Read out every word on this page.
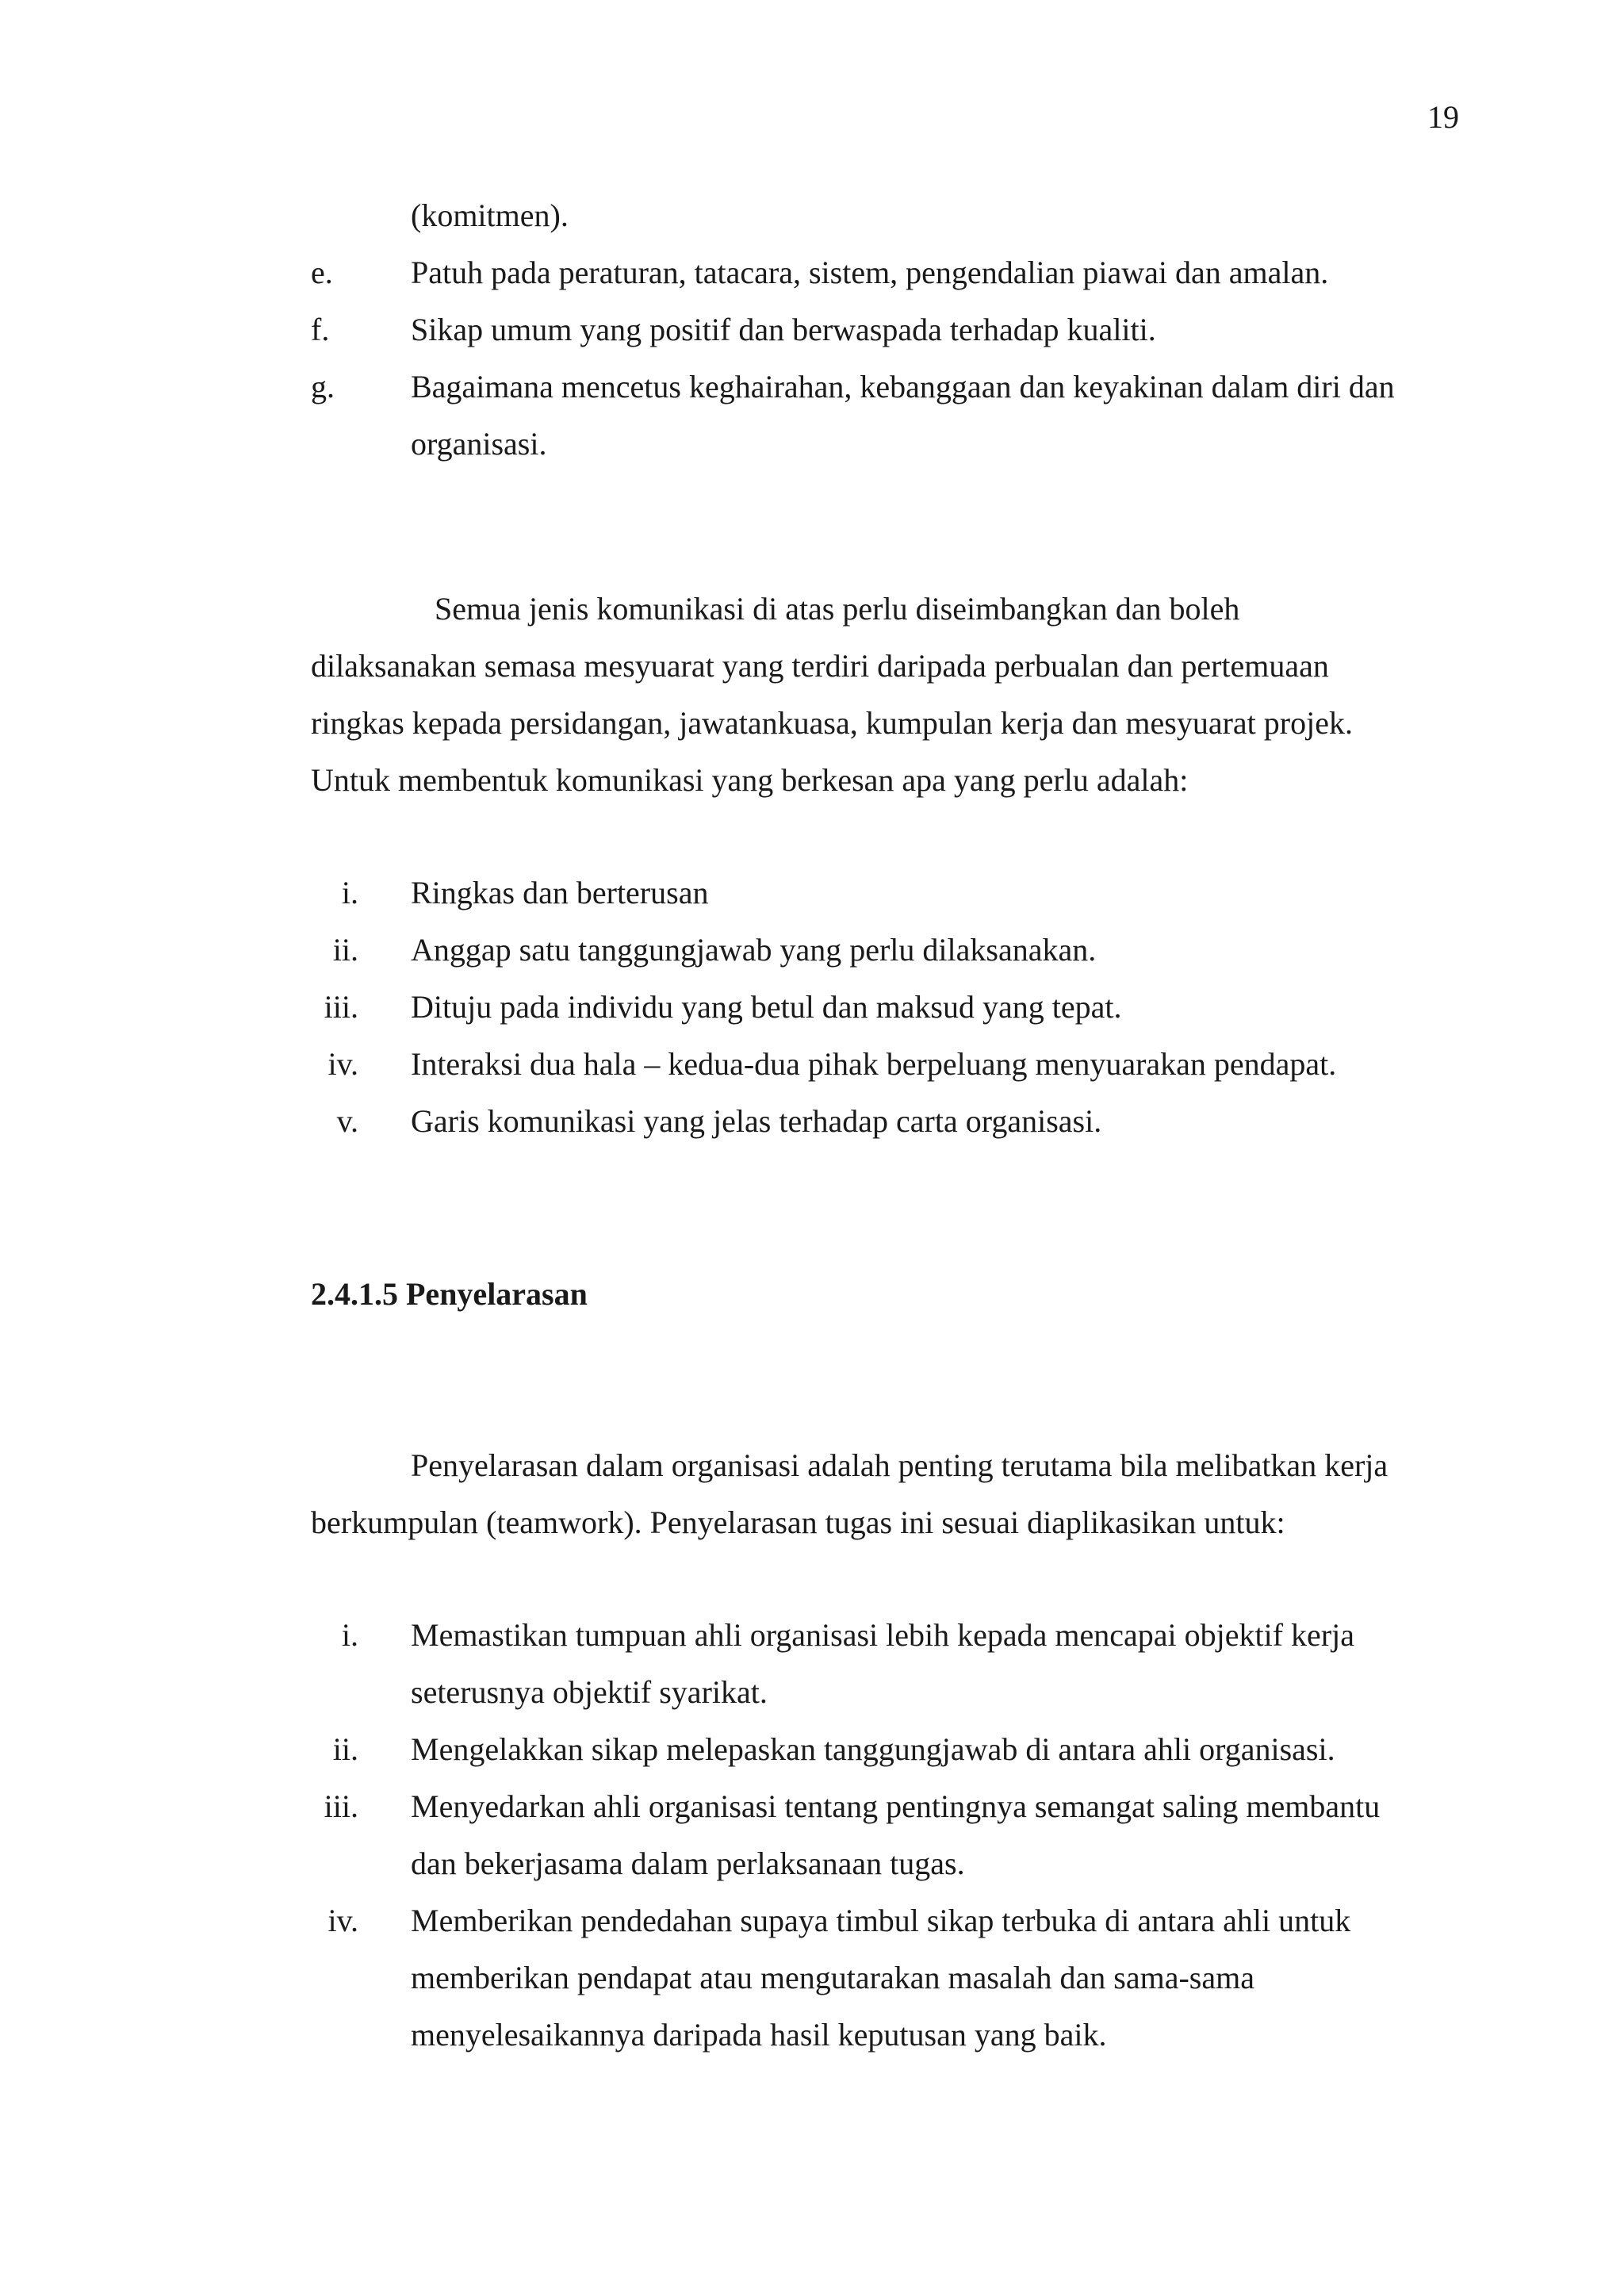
19
(komitmen).
e. Patuh pada peraturan, tatacara, sistem, pengendalian piawai dan amalan.
f.	Sikap umum yang positif dan berwaspada terhadap kualiti.
g. Bagaimana mencetus keghairahan, kebanggaan dan keyakinan dalam diri dan
organisasi.
Semua jenis komunikasi di atas perlu diseimbangkan dan boleh
dilaksanakan semasa mesyuarat yang terdiri daripada perbualan dan pertemuaan
ringkas kepada persidangan, jawatankuasa, kumpulan kerja dan mesyuarat projek.
Untuk membentuk komunikasi yang berkesan apa yang perlu adalah:
i. Ringkas dan berterusan
ii. Anggap satu tanggungjawab yang perlu dilaksanakan.
iii. Dituju pada individu yang betul dan maksud yang tepat.
iv. Interaksi dua hala – kedua-dua pihak berpeluang menyuarakan pendapat.
v. Garis komunikasi yang jelas terhadap carta organisasi.
2.4.1.5 Penyelarasan
Penyelarasan dalam organisasi adalah penting terutama bila melibatkan kerja
berkumpulan (teamwork). Penyelarasan tugas ini sesuai diaplikasikan untuk:
i. Memastikan tumpuan ahli organisasi lebih kepada mencapai objektif kerja
seterusnya objektif syarikat.
ii. Mengelakkan sikap melepaskan tanggungjawab di antara ahli organisasi.
iii. Menyedarkan ahli organisasi tentang pentingnya semangat saling membantu
dan bekerjasama dalam perlaksanaan tugas.
iv. Memberikan pendedahan supaya timbul sikap terbuka di antara ahli untuk
memberikan pendapat atau mengutarakan masalah dan sama-sama
menyelesaikannya daripada hasil keputusan yang baik.
